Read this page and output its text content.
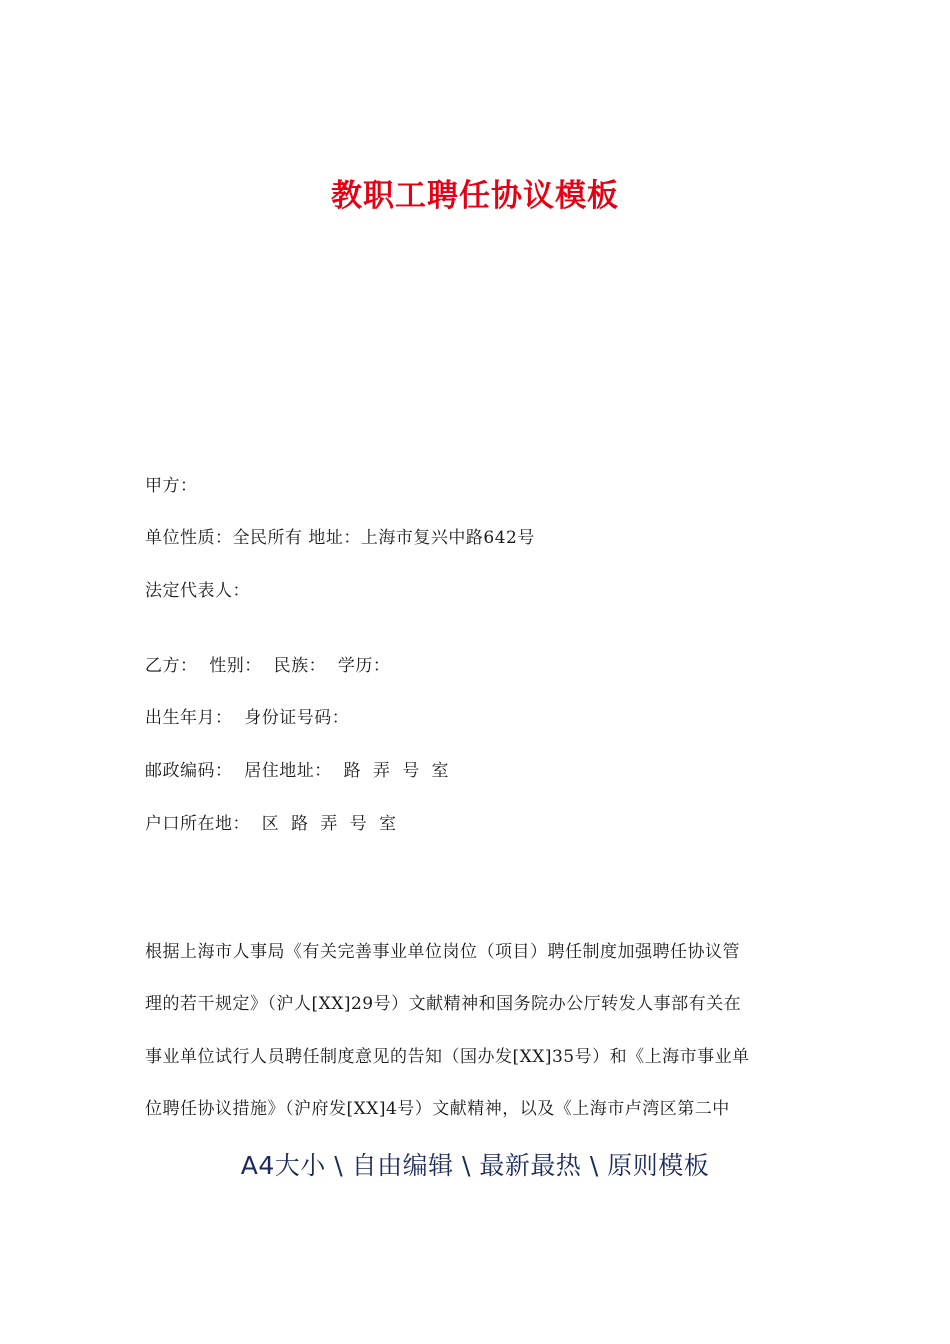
教职工聘任协议模板
甲方：
单位性质：全民所有 地址：上海市复兴中路642号
法定代表人：
乙方：  性别：  民族：  学历：
出生年月：  身份证号码：
邮政编码：  居住地址：  路  弄  号  室
户口所在地：  区  路  弄  号  室
根据上海市人事局《有关完善事业单位岗位（项目）聘任制度加强聘任协议管
理的若干规定》（沪人[XX]29号）文献精神和国务院办公厅转发人事部有关在
事业单位试行人员聘任制度意见的告知（国办发[XX]35号）和《上海市事业单
位聘任协议措施》（沪府发[XX]4号）文献精神，以及《上海市卢湾区第二中
A4大小 \ 自由编辑 \ 最新最热 \ 原则模板
